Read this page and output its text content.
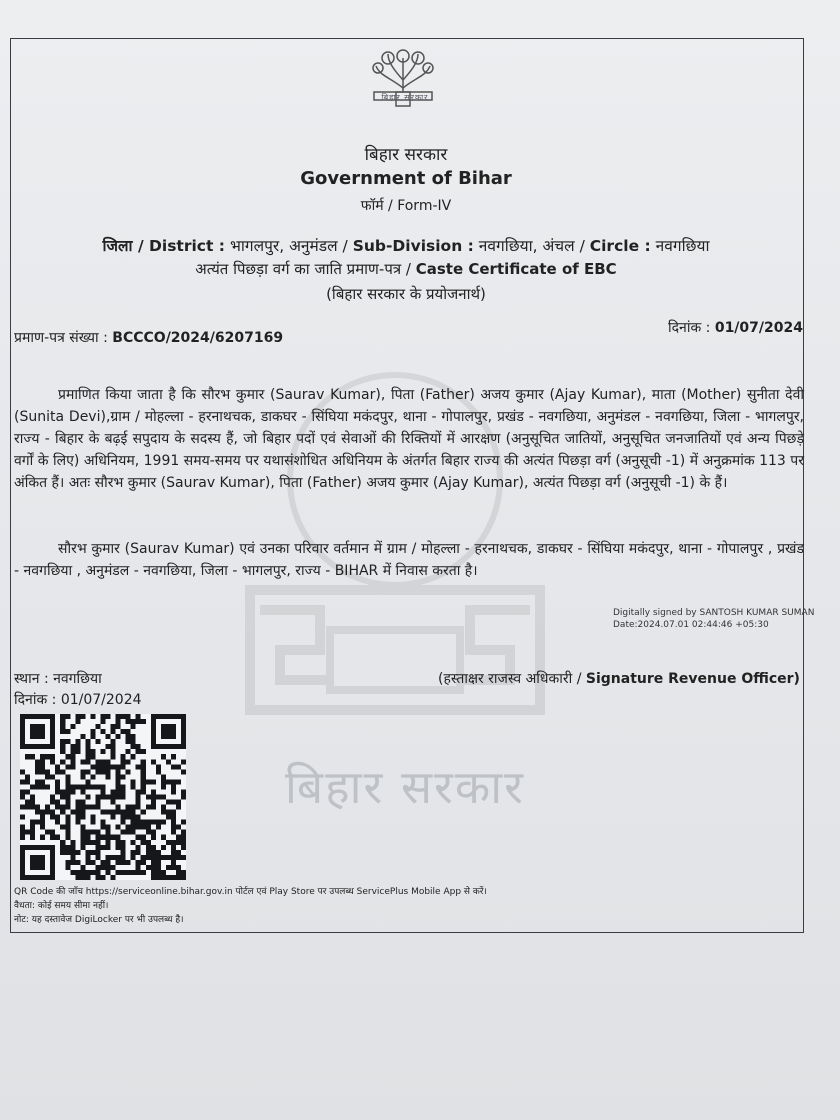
बिहार सरकार
बिहार सरकार
बिहार सरकार
Government of Bihar
फॉर्म / Form-IV
जिला / District : भागलपुर, अनुमंडल / Sub-Division : नवगछिया, अंचल / Circle : नवगछिया
अत्यंत पिछड़ा वर्ग का जाति प्रमाण-पत्र / Caste Certificate of EBC
(बिहार सरकार के प्रयोजनार्थ)
प्रमाण-पत्र संख्या : BCCCO/2024/6207169
दिनांक : 01/07/2024
प्रमाणित किया जाता है कि सौरभ कुमार (Saurav Kumar), पिता (Father) अजय कुमार (Ajay Kumar), माता (Mother) सुनीता देवी (Sunita Devi),ग्राम / मोहल्ला - हरनाथचक, डाकघर - सिंघिया मकंदपुर, थाना - गोपालपुर, प्रखंड - नवगछिया, अनुमंडल - नवगछिया, जिला - भागलपुर, राज्य - बिहार के बढ़ई सपुदाय के सदस्य हैं, जो बिहार पदों एवं सेवाओं की रिक्तियों में आरक्षण (अनुसूचित जातियों, अनुसूचित जनजातियों एवं अन्य पिछड़े वर्गों के लिए) अधिनियम, 1991 समय-समय पर यथासंशोधित अधिनियम के अंतर्गत बिहार राज्य की अत्यंत पिछड़ा वर्ग (अनुसूची -1) में अनुक्रमांक 113 पर अंकित हैं। अतः सौरभ कुमार (Saurav Kumar), पिता (Father) अजय कुमार (Ajay Kumar), अत्यंत पिछड़ा वर्ग (अनुसूची -1) के हैं।
सौरभ कुमार (Saurav Kumar) एवं उनका परिवार वर्तमान में ग्राम / मोहल्ला - हरनाथचक, डाकघर - सिंघिया मकंदपुर, थाना - गोपालपुर , प्रखंड - नवगछिया , अनुमंडल - नवगछिया, जिला - भागलपुर, राज्य - BIHAR में निवास करता है।
Digitally signed by SANTOSH KUMAR SUMAN
Date:2024.07.01 02:44:46 +05:30
स्थान : नवगछिया
दिनांक : 01/07/2024
(हस्ताक्षर राजस्व अधिकारी / Signature Revenue Officer)
QR Code की जाँच https://serviceonline.bihar.gov.in पोर्टल एवं Play Store पर उपलब्ध ServicePlus Mobile App से करें।
वैधता: कोई समय सीमा नहीं।
नोट: यह दस्तावेज DigiLocker पर भी उपलब्ध है।
